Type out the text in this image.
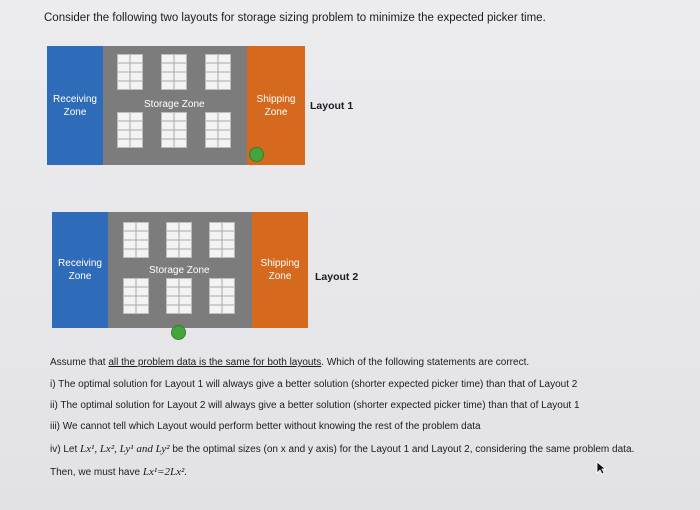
Consider the following two layouts for storage sizing problem to minimize the expected picker time.
Receiving Zone
Storage Zone	Shipping Zone	Layout 1
Receiving Zone
Storage Zone
Shipping Zone	Layout 2
Assume that all the problem data is the same for both layouts. Which of the following statements are correct.
i) The optimal solution for Layout 1 will always give a better solution (shorter expected picker time) than that of Layout 2
ii) The optimal solution for Layout 2 will always give a better solution (shorter expected picker time) than that of Layout 1
iii) We cannot tell which Layout would perform better without knowing the rest of the problem data
iv) Let Lx¹, Lx², Ly¹ and Ly² be the optimal sizes (on x and y axis) for the Layout 1 and Layout 2, considering the same problem data.
Then, we must have Lx¹=2Lx².
